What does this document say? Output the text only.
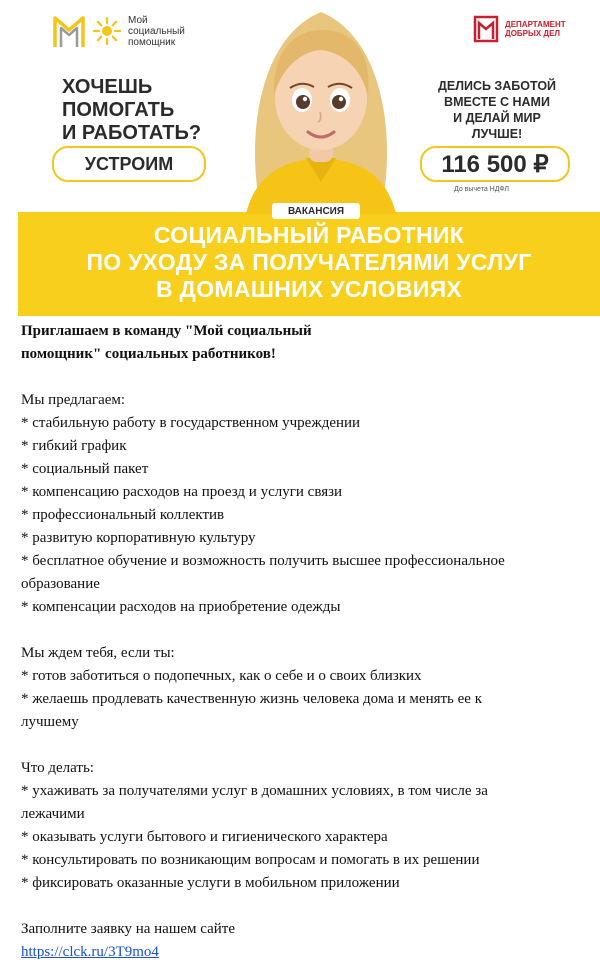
Мой
социальный
помощник
ДЕПАРТАМЕНТ
ДОБРЫХ ДЕЛ
ХОЧЕШЬ
ПОМОГАТЬ
И РАБОТАТЬ?
УСТРОИМ
ДЕЛИСЬ ЗАБОТОЙ
ВМЕСТЕ С НАМИ
И ДЕЛАЙ МИР
ЛУЧШЕ!
116 500 ₽
До вычета НДФЛ
ВАКАНСИЯ
СОЦИАЛЬНЫЙ РАБОТНИК
ПО УХОДУ ЗА ПОЛУЧАТЕЛЯМИ УСЛУГ
В ДОМАШНИХ УСЛОВИЯХ
Приглашаем в команду "Мой социальный
помощник" социальных работников!
Мы предлагаем:
* стабильную работу в государственном учреждении
* гибкий график
* социальный пакет
* компенсацию расходов на проезд и услуги связи
* профессиональный коллектив
* развитую корпоративную культуру
* бесплатное обучение и возможность получить высшее профессиональное
образование
* компенсации расходов на приобретение одежды
Мы ждем тебя, если ты:
* готов заботиться о подопечных, как о себе и о своих близких
* желаешь продлевать качественную жизнь человека дома и менять ее к
лучшему
Что делать:
* ухаживать за получателями услуг в домашних условиях, в том числе за
лежачими
* оказывать услуги бытового и гигиенического характера
* консультировать по возникающим вопросам и помогать в их решении
* фиксировать оказанные услуги в мобильном приложении
Заполните заявку на нашем сайте
https://clck.ru/3T9mo4
